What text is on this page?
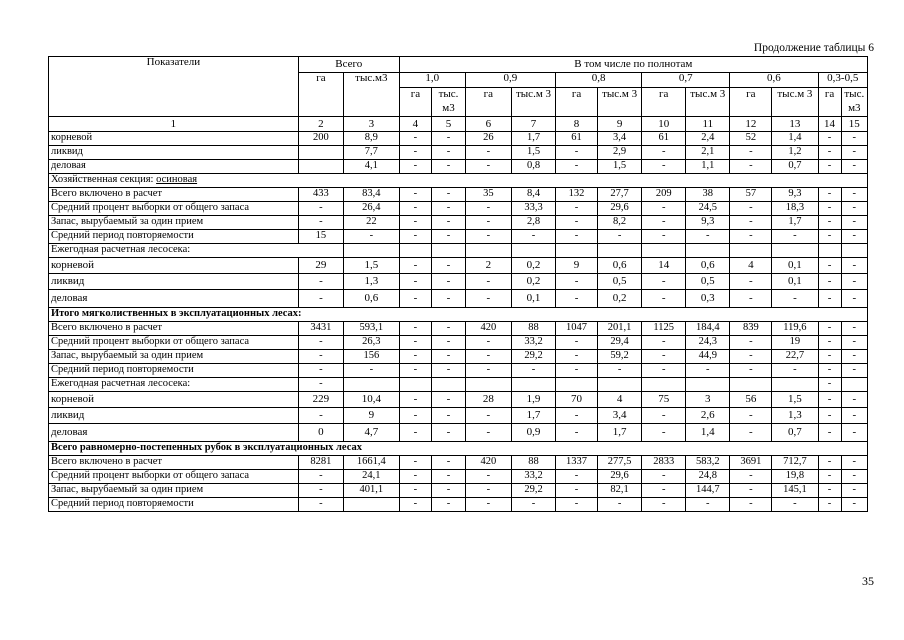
Продолжение таблицы 6
Показатели	Всего		В том числе по полнотам											
	га	тыс.м3	1,0		0,9		0,8		0,7		0,6		0,3-0,5	
			га	тыс. м3	га	тыс.м 3	га	тыс.м 3	га	тыс.м 3	га	тыс.м 3	га	тыс. м3
1	2	3	4	5	6	7	8	9	10	11	12	13	14	15
корневой	200	8,9	-	-	26	1,7	61	3,4	61	2,4	52	1,4	-	-
ликвид		7,7	-	-	-	1,5	-	2,9	-	2,1	-	1,2	-	-
деловая		4,1	-	-	-	0,8	-	1,5	-	1,1	-	0,7	-	-
Хозяйственная секция: осиновая														
Всего включено в расчет	433	83,4	-	-	35	8,4	132	27,7	209	38	57	9,3	-	-
Средний процент выборки от общего запаса	-	26,4	-	-	-	33,3	-	29,6	-	24,5	-	18,3	-	-
Запас, вырубаемый за один прием	-	22	-	-	-	2,8	-	8,2	-	9,3	-	1,7	-	-
Средний период повторяемости	15	-	-	-	-	-	-	-	-	-	-	-	-	-
Ежегодная расчетная лесосека:														
корневой	29	1,5	-	-	2	0,2	9	0,6	14	0,6	4	0,1	-	-
ликвид	-	1,3	-	-	-	0,2	-	0,5	-	0,5	-	0,1	-	-
деловая	-	0,6	-	-	-	0,1	-	0,2	-	0,3	-	-	-	-
Итого мягколиственных в эксплуатационных лесах:														
Всего включено в расчет	3431	593,1	-	-	420	88	1047	201,1	1125	184,4	839	119,6	-	-
Средний процент выборки от общего запаса	-	26,3	-	-	-	33,2	-	29,4	-	24,3	-	19	-	-
Запас, вырубаемый за один прием	-	156	-	-	-	29,2	-	59,2	-	44,9	-	22,7	-	-
Средний период повторяемости	-	-	-	-	-	-	-	-	-	-	-	-	-	-
Ежегодная расчетная лесосека:	-												-	
корневой	229	10,4	-	-	28	1,9	70	4	75	3	56	1,5	-	-
ликвид	-	9	-	-	-	1,7	-	3,4	-	2,6	-	1,3	-	-
деловая	0	4,7	-	-	-	0,9	-	1,7	-	1,4	-	0,7	-	-
Всего равномерно-постепенных рубок в эксплуатационных лесах														
Всего включено в расчет	8281	1661,4	-	-	420	88	1337	277,5	2833	583,2	3691	712,7	-	-
Средний процент выборки от общего запаса	-	24,1	-	-	-	33,2	-	29,6	-	24,8	-	19,8	-	-
Запас, вырубаемый за один прием	-	401,1	-	-	-	29,2	-	82,1	-	144,7	-	145,1	-	-
Средний период повторяемости	-		-	-	-	-	-	-	-	-	-	-	-	-
35
